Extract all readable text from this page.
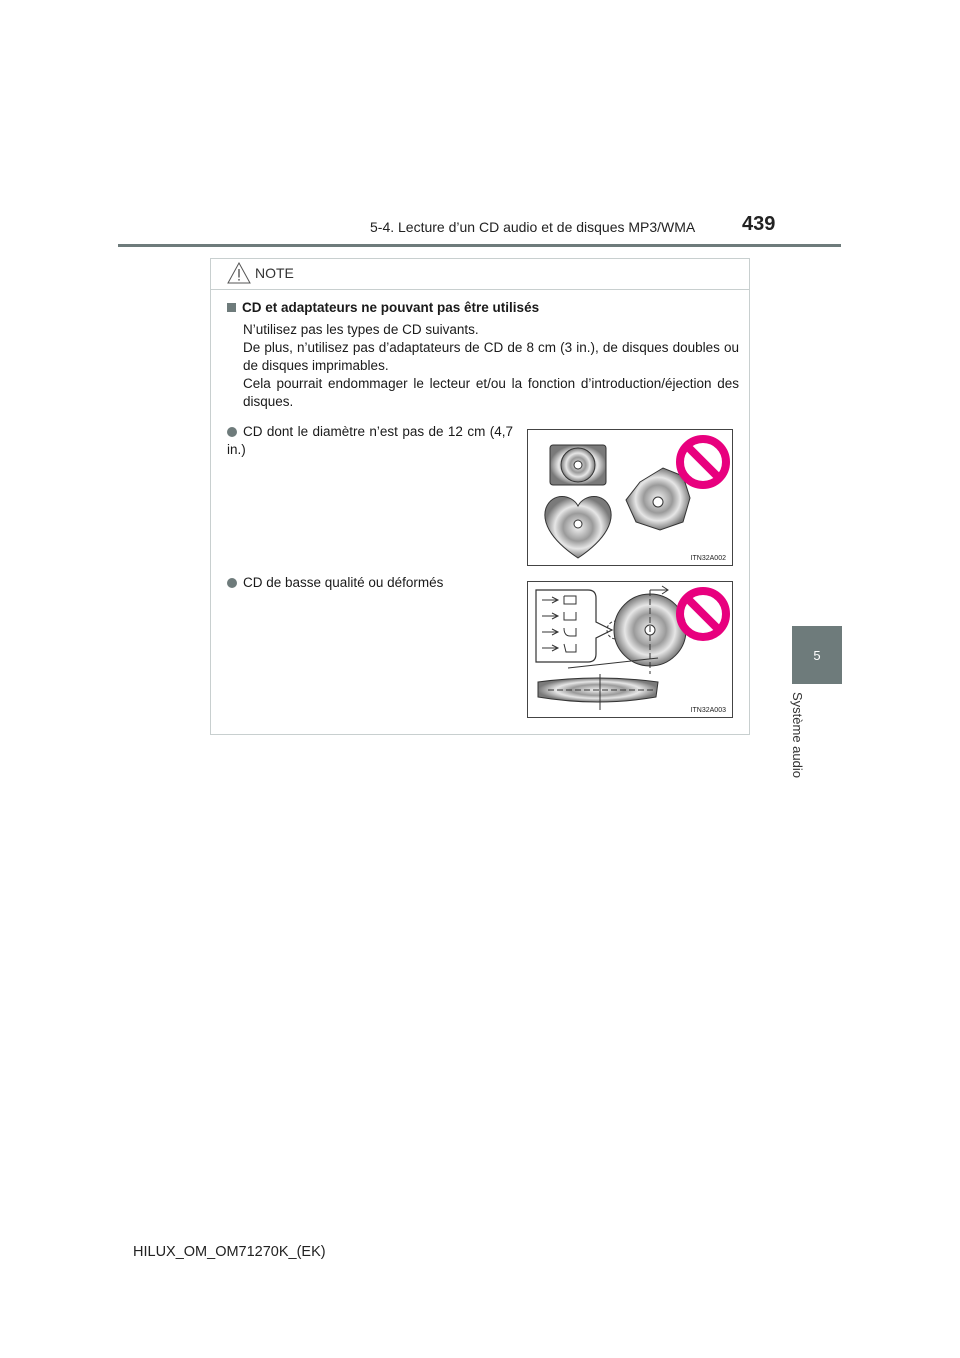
5-4. Lecture d’un CD audio et de disques MP3/WMA 439
5
Système audio
NOTE
CD et adaptateurs ne pouvant pas être utilisés
N’utilisez pas les types de CD suivants.
De plus, n’utilisez pas d’adaptateurs de CD de 8 cm (3 in.), de disques doubles ou de disques imprimables.
Cela pourrait endommager le lecteur et/ou la fonction d’introduction/éjection des disques.
CD dont le diamètre n’est pas de 12 cm (4,7 in.)
ITN32A002
CD de basse qualité ou déformés
ITN32A003
HILUX_OM_OM71270K_(EK)
